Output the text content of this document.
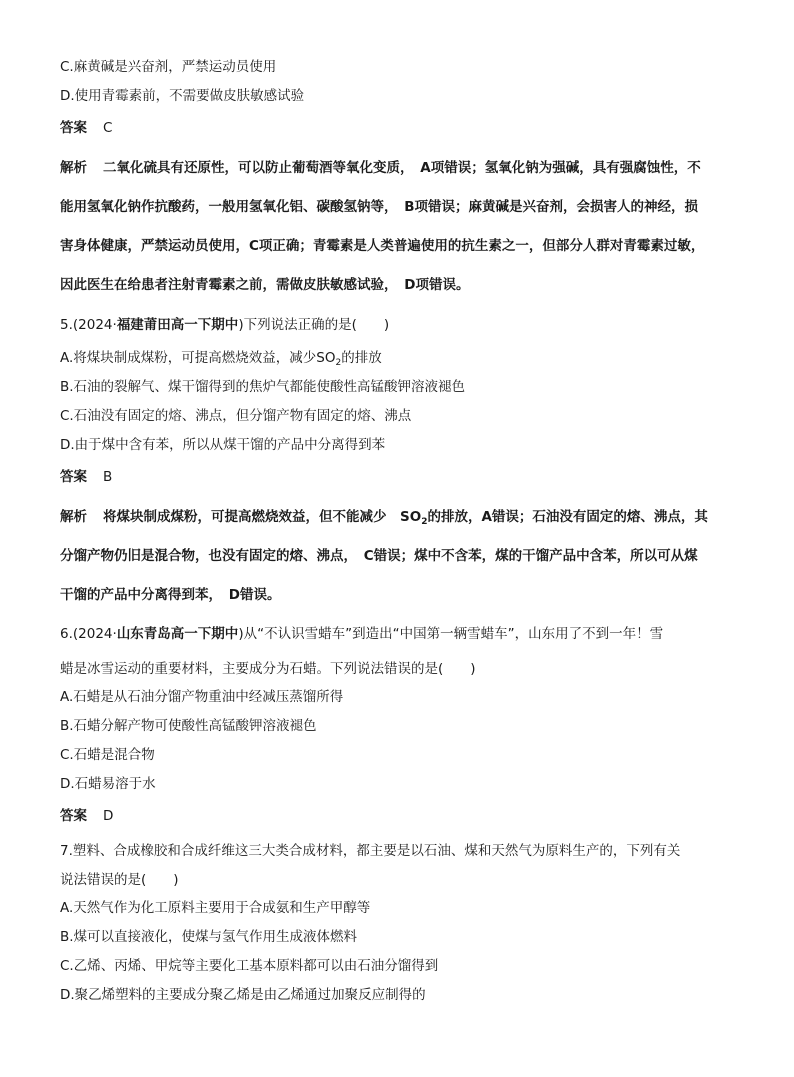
C.麻黄碱是兴奋剂，严禁运动员使用
D.使用青霉素前，不需要做皮肤敏感试验
答案 C
解析 二氧化硫具有还原性，可以防止葡萄酒等氧化变质，　A项错误；氢氧化钠为强碱，具有强腐蚀性，不
能用氢氧化钠作抗酸药，一般用氢氧化铝、碳酸氢钠等，　B项错误；麻黄碱是兴奋剂，会损害人的神经，损
害身体健康，严禁运动员使用，C项正确；青霉素是人类普遍使用的抗生素之一，但部分人群对青霉素过敏，
因此医生在给患者注射青霉素之前，需做皮肤敏感试验，　D项错误。
5.(2024·福建莆田高一下期中)下列说法正确的是(　　)
A.将煤块制成煤粉，可提高燃烧效益，减少$SO_2$的排放
B.石油的裂解气、煤干馏得到的焦炉气都能使酸性高锰酸钾溶液褪色
C.石油没有固定的熔、沸点，但分馏产物有固定的熔、沸点
D.由于煤中含有苯，所以从煤干馏的产品中分离得到苯
答案 B
解析 将煤块制成煤粉，可提高燃烧效益，但不能减少　$SO_2$的排放，A错误；石油没有固定的熔、沸点，其
分馏产物仍旧是混合物，也没有固定的熔、沸点，　C错误；煤中不含苯，煤的干馏产品中含苯，所以可从煤
干馏的产品中分离得到苯，　D错误。
6.(2024·山东青岛高一下期中)从“不认识雪蜡车”到造出“中国第一辆雪蜡车”，山东用了不到一年！雪
蜡是冰雪运动的重要材料，主要成分为石蜡。下列说法错误的是(　　)
A.石蜡是从石油分馏产物重油中经减压蒸馏所得
B.石蜡分解产物可使酸性高锰酸钾溶液褪色
C.石蜡是混合物
D.石蜡易溶于水
答案 D
7.塑料、合成橡胶和合成纤维这三大类合成材料，都主要是以石油、煤和天然气为原料生产的，下列有关
说法错误的是(　　)
A.天然气作为化工原料主要用于合成氨和生产甲醇等
B.煤可以直接液化，使煤与氢气作用生成液体燃料
C.乙烯、丙烯、甲烷等主要化工基本原料都可以由石油分馏得到
D.聚乙烯塑料的主要成分聚乙烯是由乙烯通过加聚反应制得的
